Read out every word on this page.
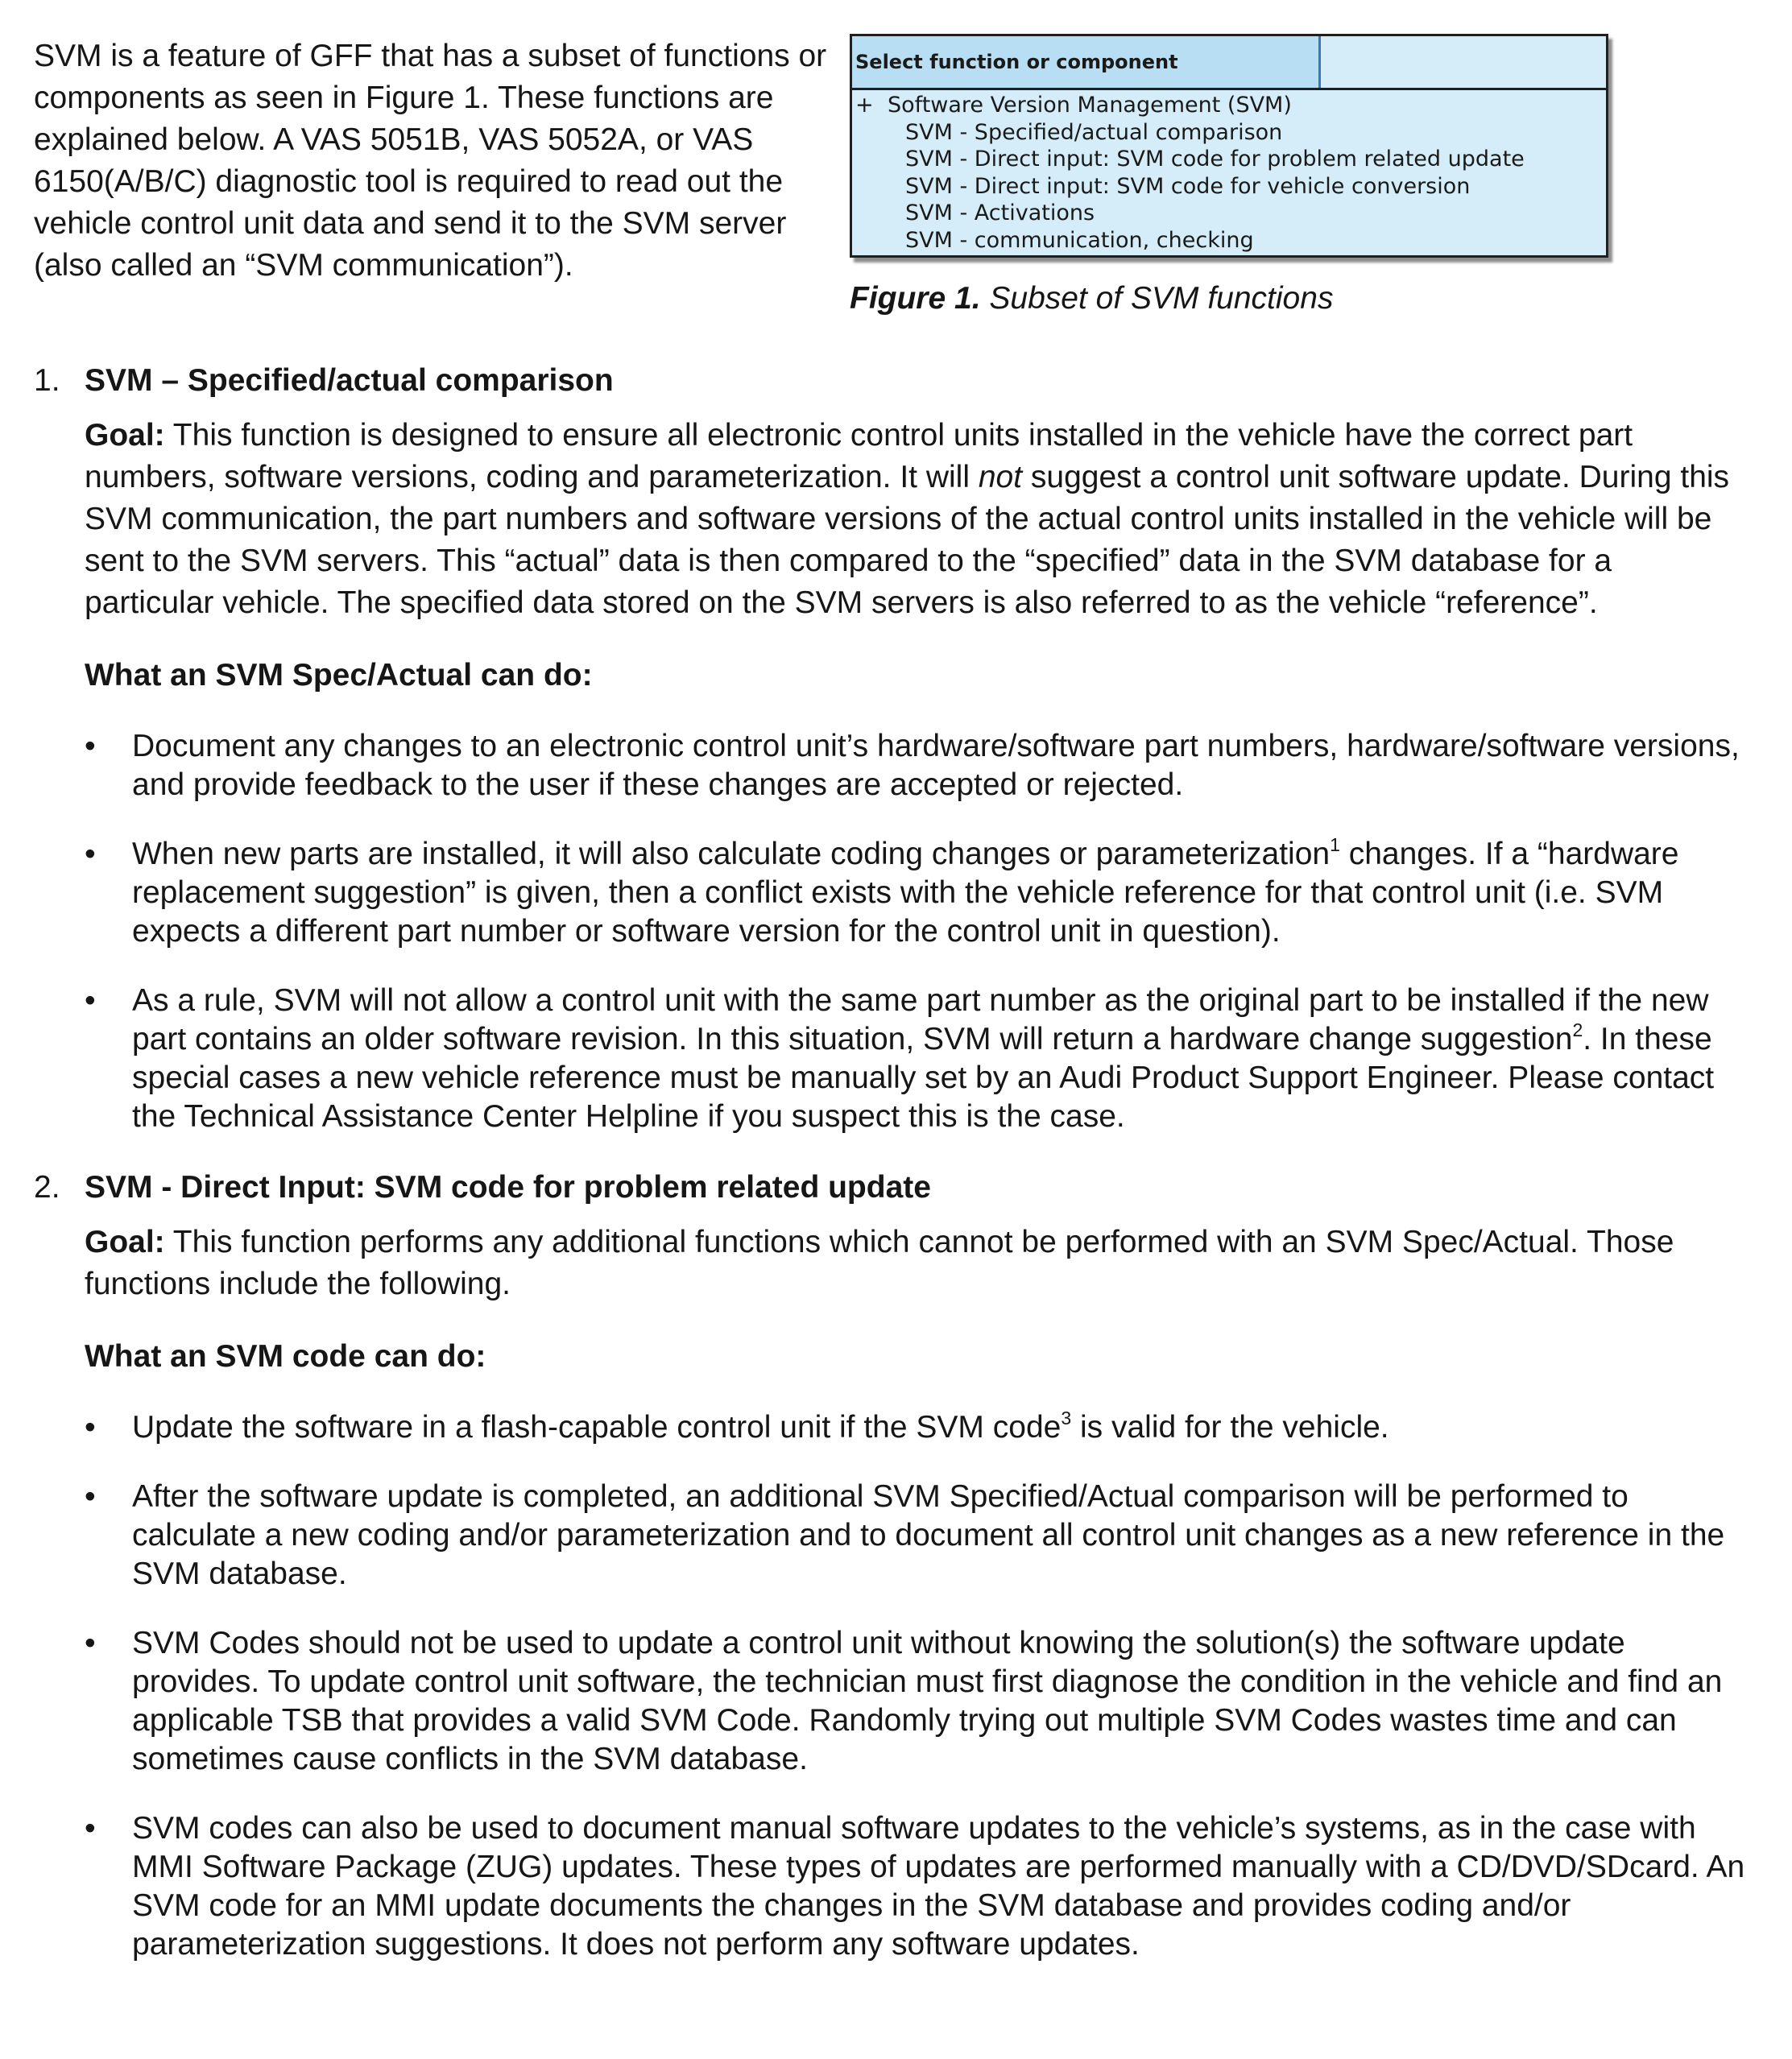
SVM is a feature of GFF that has a subset of functions or components as seen in Figure 1. These functions are explained below. A VAS 5051B, VAS 5052A, or VAS 6150(A/B/C) diagnostic tool is required to read out the vehicle control unit data and send it to the SVM server (also called an “SVM communication”).
Select function or component
+ Software Version Management (SVM)
SVM - Specified/actual comparison
SVM - Direct input: SVM code for problem related update
SVM - Direct input: SVM code for vehicle conversion
SVM - Activations
SVM - communication, checking
Figure 1. Subset of SVM functions
1. SVM – Specified/actual comparison
Goal: This function is designed to ensure all electronic control units installed in the vehicle have the correct part numbers, software versions, coding and parameterization. It will not suggest a control unit software update. During this SVM communication, the part numbers and software versions of the actual control units installed in the vehicle will be sent to the SVM servers. This “actual” data is then compared to the “specified” data in the SVM database for a particular vehicle. The specified data stored on the SVM servers is also referred to as the vehicle “reference”.
What an SVM Spec/Actual can do:
• Document any changes to an electronic control unit’s hardware/software part numbers, hardware/software versions, and provide feedback to the user if these changes are accepted or rejected.
• When new parts are installed, it will also calculate coding changes or parameterization$^1$ changes. If a “hardware replacement suggestion” is given, then a conflict exists with the vehicle reference for that control unit (i.e. SVM expects a different part number or software version for the control unit in question).
• As a rule, SVM will not allow a control unit with the same part number as the original part to be installed if the new part contains an older software revision. In this situation, SVM will return a hardware change suggestion$^2$. In these special cases a new vehicle reference must be manually set by an Audi Product Support Engineer. Please contact the Technical Assistance Center Helpline if you suspect this is the case.
2. SVM - Direct Input: SVM code for problem related update
Goal: This function performs any additional functions which cannot be performed with an SVM Spec/Actual. Those functions include the following.
What an SVM code can do:
• Update the software in a flash-capable control unit if the SVM code$^3$ is valid for the vehicle.
• After the software update is completed, an additional SVM Specified/Actual comparison will be performed to calculate a new coding and/or parameterization and to document all control unit changes as a new reference in the SVM database.
• SVM Codes should not be used to update a control unit without knowing the solution(s) the software update provides. To update control unit software, the technician must first diagnose the condition in the vehicle and find an applicable TSB that provides a valid SVM Code. Randomly trying out multiple SVM Codes wastes time and can sometimes cause conflicts in the SVM database.
• SVM codes can also be used to document manual software updates to the vehicle’s systems, as in the case with MMI Software Package (ZUG) updates. These types of updates are performed manually with a CD/DVD/SDcard. An SVM code for an MMI update documents the changes in the SVM database and provides coding and/or parameterization suggestions. It does not perform any software updates.
